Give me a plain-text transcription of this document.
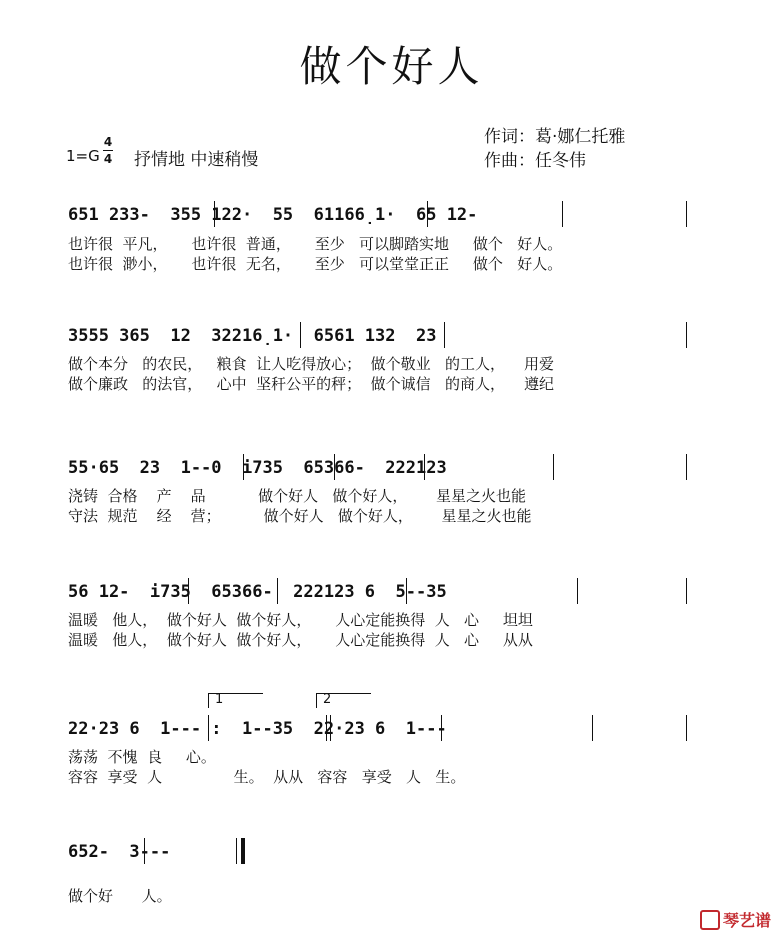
做个好人
作词：葛·娜仁托雅
作曲：任冬伟
1=G
4
4 抒情地 中速稍慢
651 233-  355 122·  55  61166̣1·  65 12-
也许很  平凡，     也许很  普通，     至少   可以脚踏实地     做个   好人。
也许很  渺小，     也许很  无名，     至少   可以堂堂正正     做个   好人。
3555 365  12  32216̣1·  6561 132  23
做个本分   的农民，   粮食  让人吃得放心；  做个敬业   的工人，    用爱
做个廉政   的法官，   心中  坚秆公平的秤；  做个诚信   的商人，    遵纪
55·65  23  1--0  i735  65366-  222123
浇铸  合格    产    品           做个好人   做个好人，      星星之火也能
守法  规范    经    营；         做个好人   做个好人，      星星之火也能
56 12-  i735  65366-  222123 6  5--35
温暖   他人，  做个好人  做个好人，     人心定能换得  人   心     坦坦
温暖   他人，  做个好人  做个好人，     人心定能换得  人   心     从从
1	2
22·23 6  1--- :  1--35  22·23 6  1---
荡荡  不愧  良     心。
容容  享受  人               生。  从从   容容   享受   人   生。
652-  3---
做个好      人。
琴艺谱
